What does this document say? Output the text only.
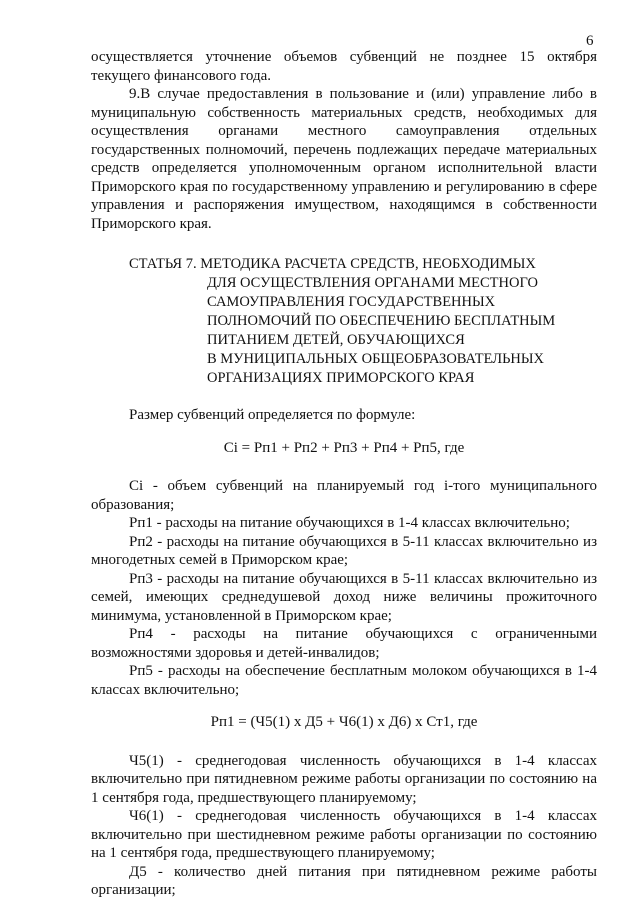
6

осуществляется уточнение объемов субвенций не позднее 15 октября текущего финансового года.

9.В случае предоставления в пользование и (или) управление либо в муниципальную собственность материальных средств, необходимых для осуществления органами местного самоуправления отдельных государственных полномочий, перечень подлежащих передаче материальных средств определяется уполномоченным органом исполнительной власти Приморского края по государственному управлению и регулированию в сфере управления и распоряжения имуществом, находящимся в собственности Приморского края.

СТАТЬЯ 7. МЕТОДИКА РАСЧЕТА СРЕДСТВ, НЕОБХОДИМЫХ
ДЛЯ ОСУЩЕСТВЛЕНИЯ ОРГАНАМИ МЕСТНОГО
САМОУПРАВЛЕНИЯ ГОСУДАРСТВЕННЫХ
ПОЛНОМОЧИЙ ПО ОБЕСПЕЧЕНИЮ БЕСПЛАТНЫМ
ПИТАНИЕМ ДЕТЕЙ, ОБУЧАЮЩИХСЯ
В МУНИЦИПАЛЬНЫХ ОБЩЕОБРАЗОВАТЕЛЬНЫХ
ОРГАНИЗАЦИЯХ ПРИМОРСКОГО КРАЯ

Размер субвенций определяется по формуле:

Ci = Рп1 + Рп2 + Рп3 + Рп4 + Рп5, где

Ci - объем субвенций на планируемый год i-того муниципального образования;

Рп1 - расходы на питание обучающихся в 1-4 классах включительно;

Рп2 - расходы на питание обучающихся в 5-11 классах включительно из многодетных семей в Приморском крае;

Рп3 - расходы на питание обучающихся в 5-11 классах включительно из семей, имеющих среднедушевой доход ниже величины прожиточного минимума, установленной в Приморском крае;

Рп4 - расходы на питание обучающихся с ограниченными возможностями здоровья и детей-инвалидов;

Рп5 - расходы на обеспечение бесплатным молоком обучающихся в 1-4 классах включительно;

Рп1 = (Ч5(1) х Д5 + Ч6(1) х Д6) х Ст1, где

Ч5(1) - среднегодовая численность обучающихся в 1-4 классах включительно при пятидневном режиме работы организации по состоянию на 1 сентября года, предшествующего планируемому;

Ч6(1) - среднегодовая численность обучающихся в 1-4 классах включительно при шестидневном режиме работы организации по состоянию на 1 сентября года, предшествующего планируемому;

Д5 - количество дней питания при пятидневном режиме работы организации;
